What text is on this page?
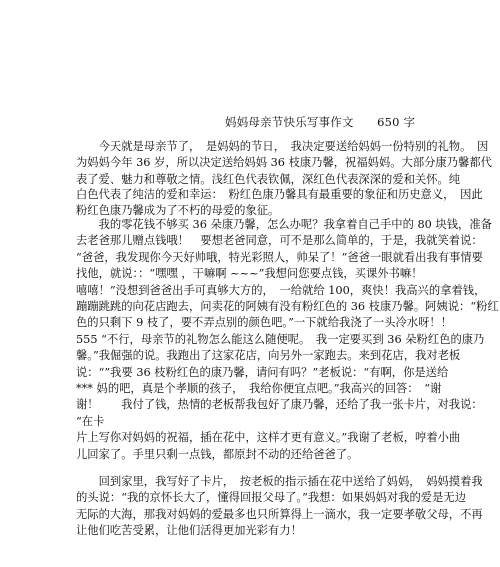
妈妈母亲节快乐写事作文　　650 字
　　今天就是母亲节了，　是妈妈的节日，　我决定要送给妈妈一份特别的礼物。　因
为妈妈今年 36 岁，所以决定送给妈妈 36 枝康乃馨，祝福妈妈。大部分康乃馨都代
表了爱、魅力和尊敬之情。浅红色代表钦佩，深红色代表深深的爱和关怀。纯
白色代表了纯洁的爱和幸运：　粉红色康乃馨具有最重要的象征和历史意义，　因此
粉红色康乃馨成为了不朽的母爱的象征。
　　我的零花钱不够买 36 朵康乃馨，怎么办呢？我拿着自己手中的 80 块钱，准备
去老爸那儿赠点钱哦！　要想老爸同意，可不是那么简单的，于是，我就笑着说：
“爸爸，我发现你今天好帅哦，特光彩照人，帅呆了！”爸爸一眼就看出我有事情要
找他，就说：：“嘿嘿 ，干嘛啊 ~~~”我想问您要点钱，买课外书嘛！
嘻嘻！”没想到爸爸出手可真够大方的，　一给就给 100，爽快！我高兴的拿着钱，
蹦蹦跳跳的向花店跑去，问卖花的阿姨有没有粉红色的 36 枝康乃馨。阿姨说：“粉红
色的只剩下 9 枝了，要不弄点别的颜色吧。”一下就给我浇了一头冷水呀！！
555 “不行，母亲节的礼物怎么能这么随便呢。　我一定要买到 36 朵粉红色的康乃
馨。”我倔强的说。我跑出了这家花店，向另外一家跑去。来到花店，我对老板
说：“”我要 36 枝粉红色的康乃馨，请问有吗？”老板说：“有啊，你是送给
*** 妈的吧，真是个孝顺的孩子，　我给你便宜点吧。”我高兴的回答：　“谢
谢！　　我付了钱，热情的老板帮我包好了康乃馨，还给了我一张卡片，对我说：
“在卡
片上写你对妈妈的祝福，插在花中，这样才更有意义。”我谢了老板，哼着小曲
儿回家了。手里只剩一点钱，都原封不动的还给爸爸了。
　　回到家里，我写好了卡片，　按老板的指示插在花中送给了妈妈，　妈妈摸着我
的头说：“我的京怀长大了，懂得回报父母了。”我想：如果妈妈对我的爱是无边
无际的大海，那我对妈妈的爱最多也只所算得上一滴水，我一定要孝敬父母，不再
让他们吃苦受累，让他们活得更加光彩有力！
